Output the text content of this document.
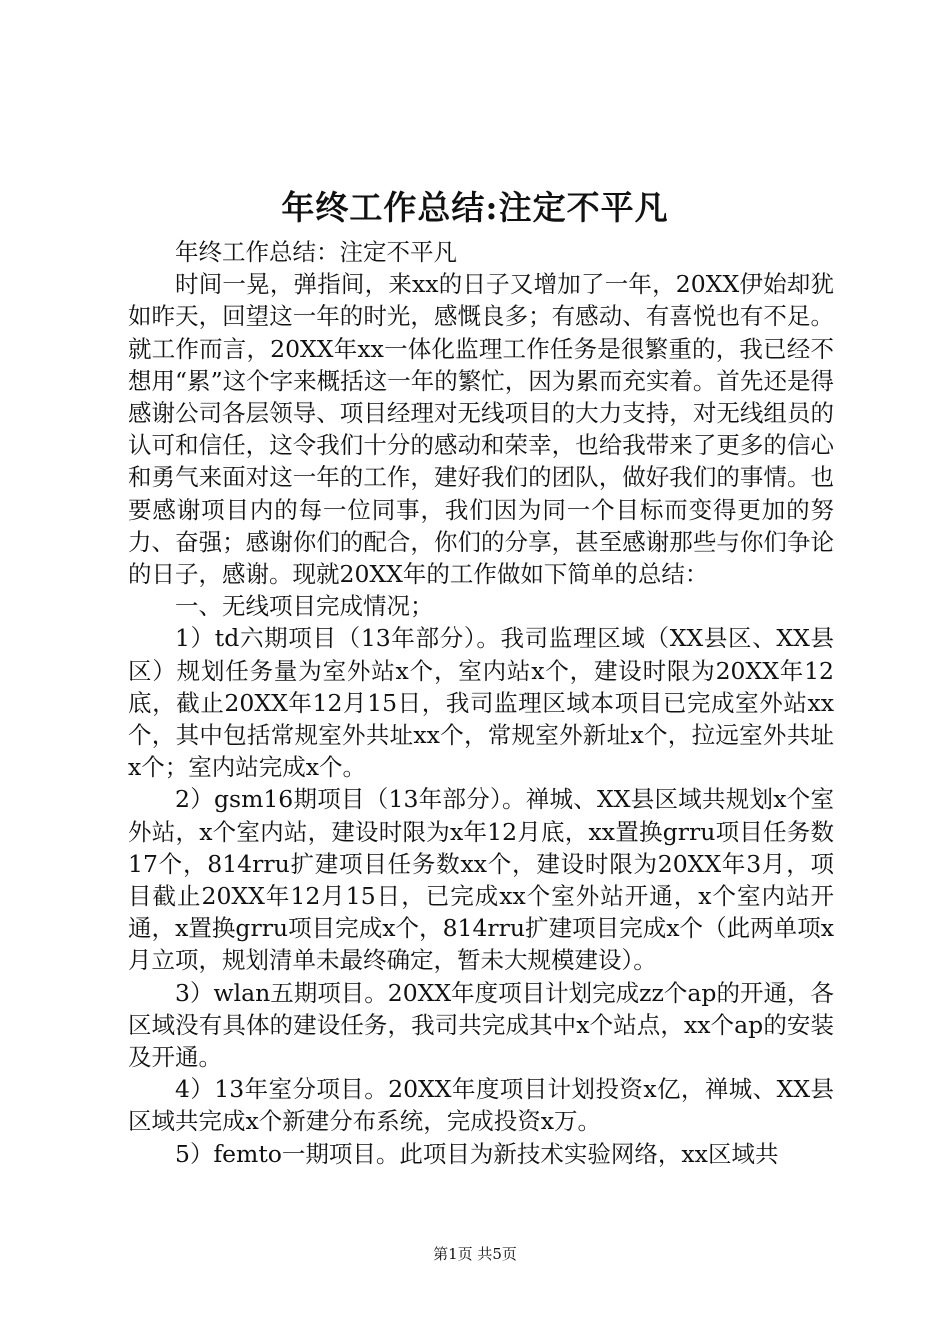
年终工作总结:注定不平凡

年终工作总结：注定不平凡

时间一晃，弹指间，来xx的日子又增加了一年，20XX伊始却犹如昨天，回望这一年的时光，感慨良多；有感动、有喜悦也有不足。就工作而言，20XX年xx一体化监理工作任务是很繁重的，我已经不想用“累”这个字来概括这一年的繁忙，因为累而充实着。首先还是得感谢公司各层领导、项目经理对无线项目的大力支持，对无线组员的认可和信任，这令我们十分的感动和荣幸，也给我带来了更多的信心和勇气来面对这一年的工作，建好我们的团队，做好我们的事情。也要感谢项目内的每一位同事，我们因为同一个目标而变得更加的努力、奋强；感谢你们的配合，你们的分享，甚至感谢那些与你们争论的日子，感谢。现就20XX年的工作做如下简单的总结：

一、无线项目完成情况；

1）td六期项目（13年部分）。我司监理区域（XX县区、XX县区）规划任务量为室外站x个，室内站x个，建设时限为20XX年12底，截止20XX年12月15日，我司监理区域本项目已完成室外站xx个，其中包括常规室外共址xx个，常规室外新址x个，拉远室外共址x个；室内站完成x个。

2）gsm16期项目（13年部分）。禅城、XX县区域共规划x个室外站，x个室内站，建设时限为x年12月底，xx置换grru项目任务数17个，814rru扩建项目任务数xx个，建设时限为20XX年3月，项目截止20XX年12月15日，已完成xx个室外站开通，x个室内站开通，x置换grru项目完成x个，814rru扩建项目完成x个（此两单项x月立项，规划清单未最终确定，暂未大规模建设）。

3）wlan五期项目。20XX年度项目计划完成zz个ap的开通，各区域没有具体的建设任务，我司共完成其中x个站点，xx个ap的安装及开通。

4）13年室分项目。20XX年度项目计划投资x亿，禅城、XX县区域共完成x个新建分布系统，完成投资x万。

5）femto一期项目。此项目为新技术实验网络，xx区域共

第1页 共5页
